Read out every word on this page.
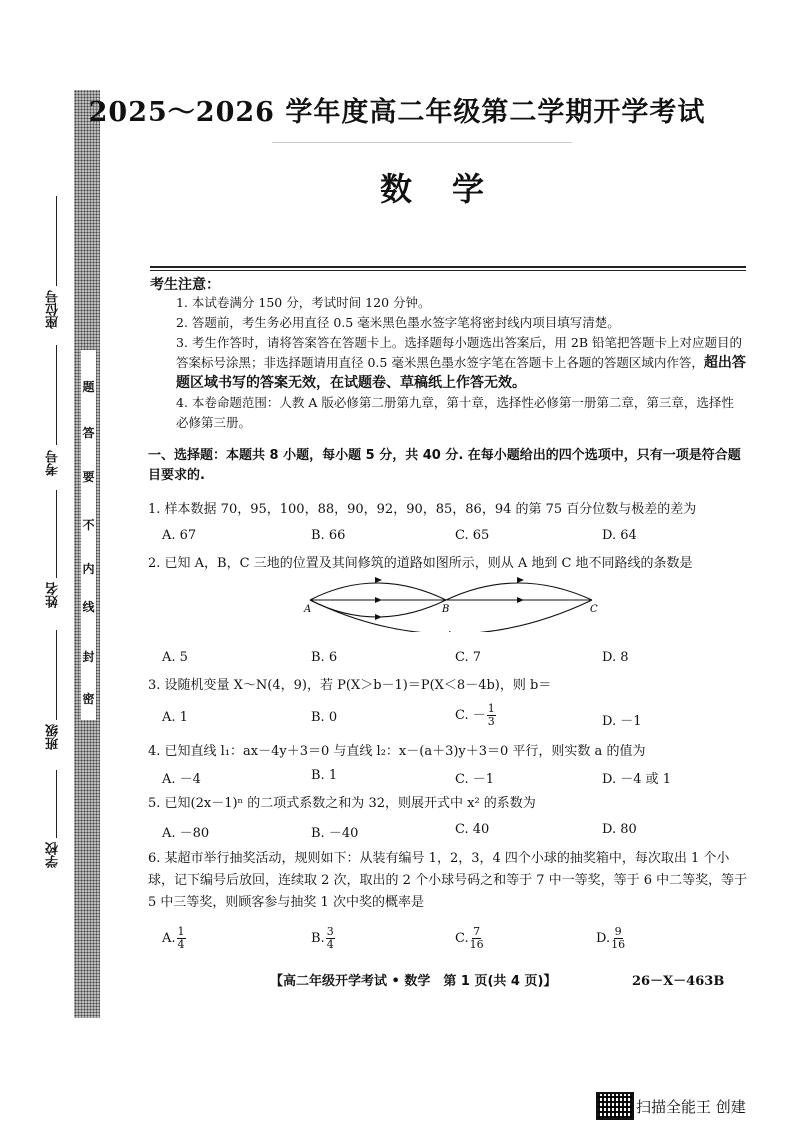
题
答
要
不
内
线
封
密
座位号
考号
姓名
班级
学校
2025～2026 学年度高二年级第二学期开学考试
数学
考生注意：
1. 本试卷满分 150 分，考试时间 120 分钟。
2. 答题前，考生务必用直径 0.5 毫米黑色墨水签字笔将密封线内项目填写清楚。
3. 考生作答时，请将答案答在答题卡上。选择题每小题选出答案后，用 2B 铅笔把答题卡上对应题目的答案标号涂黑；非选择题请用直径 0.5 毫米黑色墨水签字笔在答题卡上各题的答题区域内作答，超出答题区域书写的答案无效，在试题卷、草稿纸上作答无效。
4. 本卷命题范围：人教 A 版必修第二册第九章，第十章，选择性必修第一册第二章，第三章，选择性必修第三册。
一、选择题：本题共 8 小题，每小题 5 分，共 40 分. 在每小题给出的四个选项中，只有一项是符合题目要求的.
1. 样本数据 70，95，100，88，90，92，90，85，86，94 的第 75 百分位数与极差的差为
A. 67	B. 66	C. 65	D. 64
2. 已知 A，B，C 三地的位置及其间修筑的道路如图所示，则从 A 地到 C 地不同路线的条数是
A	B	C
A. 5	B. 6	C. 7	D. 8
3. 设随机变量 X～N(4，9)，若 P(X＞b－1)＝P(X＜8－4b)，则 b＝
A. 1	B. 0	C. － $\frac{1}{3}$	D. －1
4. 已知直线 l₁：ax－4y＋3＝0 与直线 l₂：x－(a＋3)y＋3＝0 平行，则实数 a 的值为
A. －4	B. 1	C. －1	D. －4 或 1
5. 已知(2x－1)ⁿ 的二项式系数之和为 32，则展开式中 x² 的系数为
A. －80	B. －40	C. 40	D. 80
6. 某超市举行抽奖活动，规则如下：从装有编号 1，2，3，4 四个小球的抽奖箱中，每次取出 1 个小球，记下编号后放回，连续取 2 次，取出的 2 个小球号码之和等于 7 中一等奖，等于 6 中二等奖，等于 5 中三等奖，则顾客参与抽奖 1 次中奖的概率是
A. $\frac{1}{4}$	B. $\frac{3}{4}$	C. $\frac{7}{16}$	D. $\frac{9}{16}$
【高二年级开学考试 • 数学　第 1 页(共 4 页)】	26－X－463B
扫描全能王 创建
